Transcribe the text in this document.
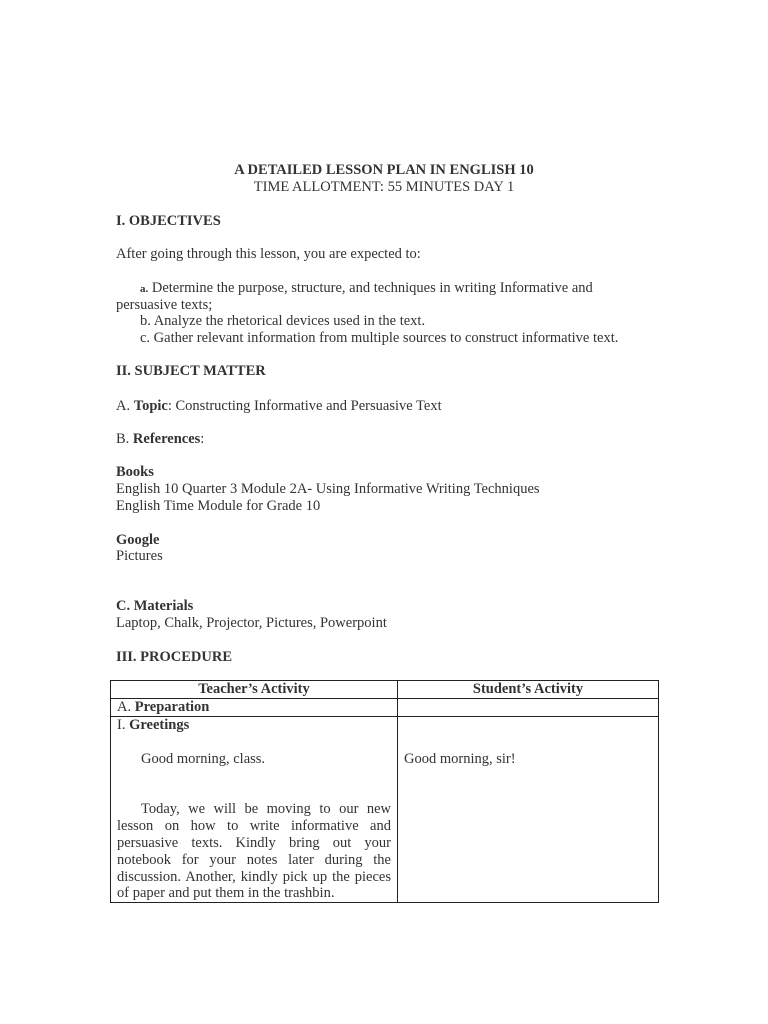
A DETAILED LESSON PLAN IN ENGLISH 10
TIME ALLOTMENT: 55 MINUTES DAY 1
I. OBJECTIVES
After going through this lesson, you are expected to:
a. Determine the purpose, structure, and techniques in writing Informative and
persuasive texts;
b. Analyze the rhetorical devices used in the text.
c. Gather relevant information from multiple sources to construct informative text.
II. SUBJECT MATTER
A. Topic: Constructing Informative and Persuasive Text
B. References:
Books
English 10 Quarter 3 Module 2A- Using Informative Writing Techniques
English Time Module for Grade 10
Google
Pictures
C. Materials
Laptop, Chalk, Projector, Pictures, Powerpoint
III. PROCEDURE
Teacher’s Activity	Student’s Activity
A. Preparation	

I. Greetings
Good morning, class.

Today, we will be moving to our new lesson on how to write informative and persuasive texts. Kindly bring out your notebook for your notes later during the discussion. Another, kindly pick up the pieces of paper and put them in the trashbin.	Good morning, sir!
